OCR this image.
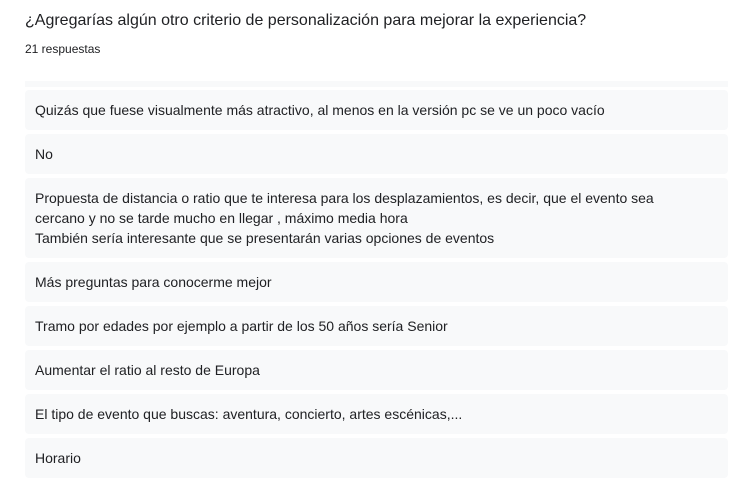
¿Agregarías algún otro criterio de personalización para mejorar la experiencia?
21 respuestas
Quizás que fuese visualmente más atractivo, al menos en la versión pc se ve un poco vacío
No
Propuesta de distancia o ratio que te interesa para los desplazamientos, es decir, que el evento sea
cercano y no se tarde mucho en llegar , máximo media hora
También sería interesante que se presentarán varias opciones de eventos
Más preguntas para conocerme mejor
Tramo por edades por ejemplo a partir de los 50 años sería Senior
Aumentar el ratio al resto de Europa
El tipo de evento que buscas: aventura, concierto, artes escénicas,...
Horario
